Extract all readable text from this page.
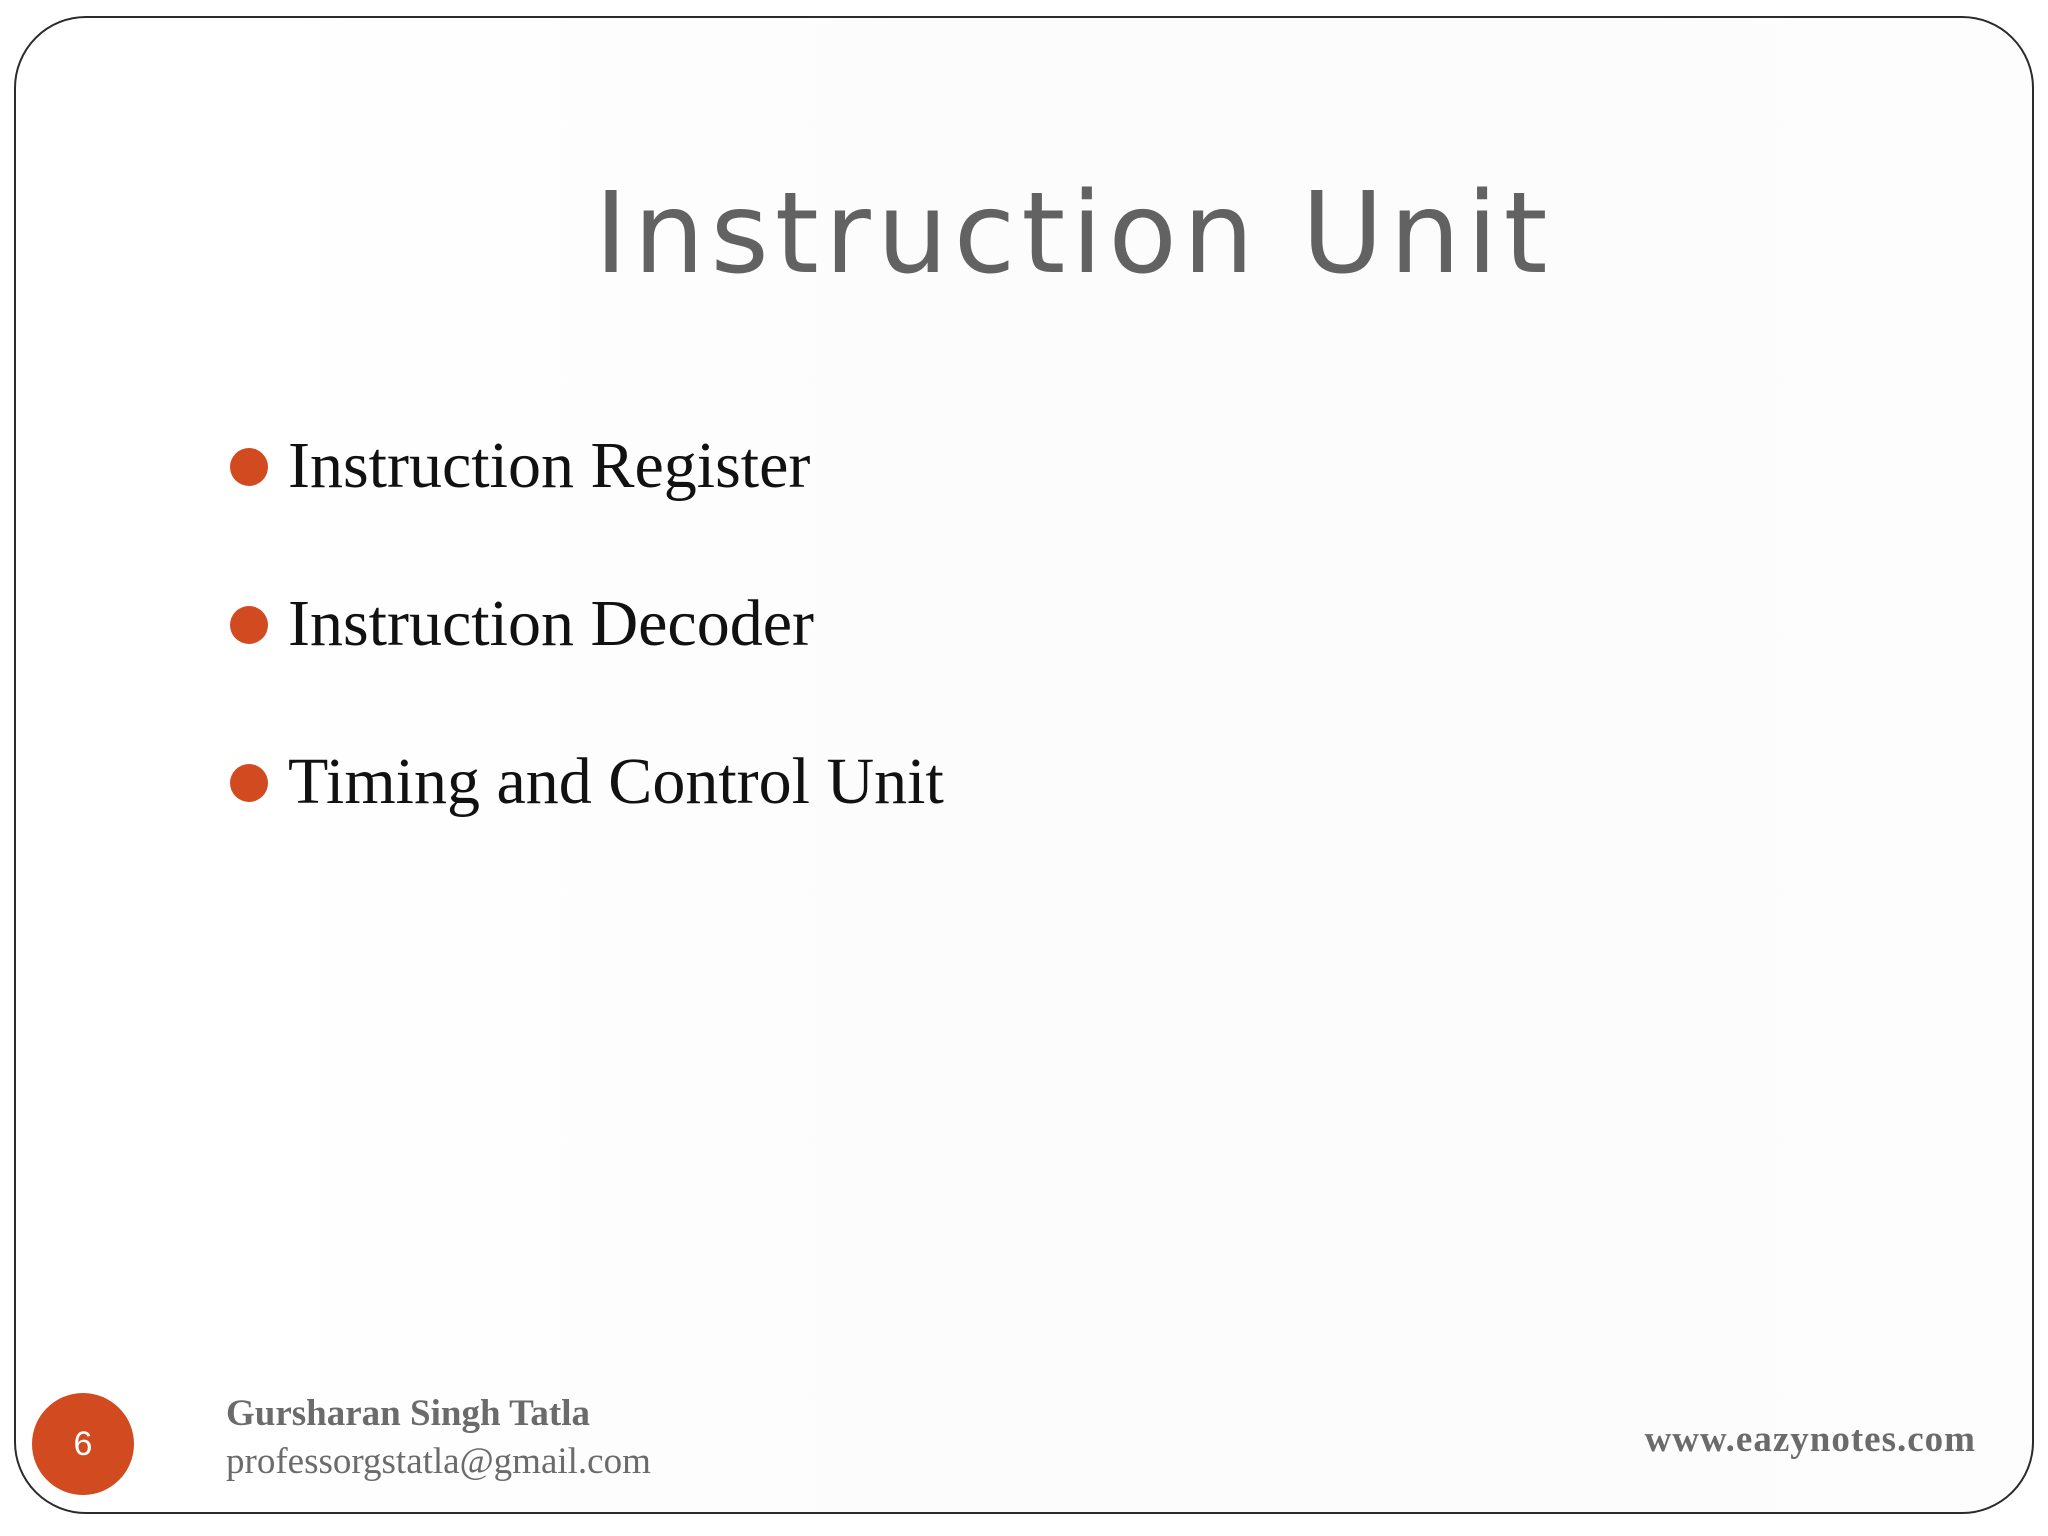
Instruction Unit
Instruction Register
Instruction Decoder
Timing and Control Unit
6
Gursharan Singh Tatla
professorgstatla@gmail.com
www.eazynotes.com
